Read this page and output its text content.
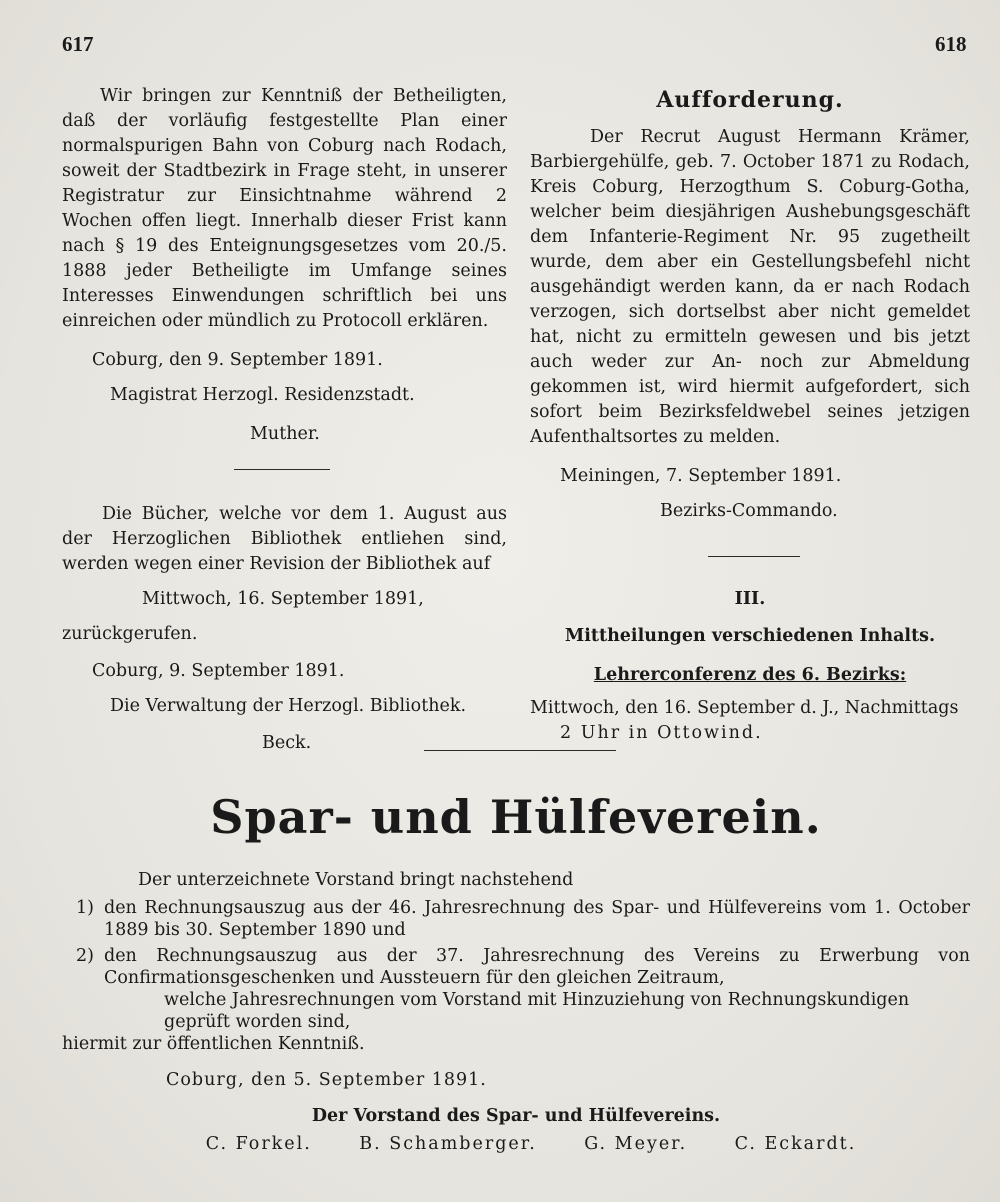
617	618

Wir bringen zur Kenntniß der Betheiligten, daß der vorläufig festgestellte Plan einer normalspurigen Bahn von Coburg nach Rodach, soweit der Stadtbezirk in Frage steht, in unserer Registratur zur Einsichtnahme während 2 Wochen offen liegt. Innerhalb dieser Frist kann nach § 19 des Enteignungsgesetzes vom 20./5. 1888 jeder Betheiligte im Umfange seines Interesses Einwendungen schriftlich bei uns einreichen oder mündlich zu Protocoll erklären.

Coburg, den 9. September 1891.

Magistrat Herzogl. Residenzstadt.

Muther.

Die Bücher, welche vor dem 1. August aus der Herzoglichen Bibliothek entliehen sind, werden wegen einer Revision der Bibliothek auf

Mittwoch, 16. September 1891,

zurückgerufen.

Coburg, 9. September 1891.

Die Verwaltung der Herzogl. Bibliothek.

Beck.

Aufforderung.

Der Recrut August Hermann Krämer, Barbiergehülfe, geb. 7. October 1871 zu Rodach, Kreis Coburg, Herzogthum S. Coburg-Gotha, welcher beim diesjährigen Aushebungsgeschäft dem Infanterie-Regiment Nr. 95 zugetheilt wurde, dem aber ein Gestellungsbefehl nicht ausgehändigt werden kann, da er nach Rodach verzogen, sich dortselbst aber nicht gemeldet hat, nicht zu ermitteln gewesen und bis jetzt auch weder zur An- noch zur Abmeldung gekommen ist, wird hiermit aufgefordert, sich sofort beim Bezirksfeldwebel seines jetzigen Aufenthaltsortes zu melden.

Meiningen, 7. September 1891.

Bezirks-Commando.

III.

Mittheilungen verschiedenen Inhalts.

Lehrerconferenz des 6. Bezirks:

Mittwoch, den 16. September d. J., Nachmittags

2 Uhr in Ottowind.

Spar- und Hülfeverein.

Der unterzeichnete Vorstand bringt nachstehend

1) den Rechnungsauszug aus der 46. Jahresrechnung des Spar- und Hülfevereins vom 1. October 1889 bis 30. September 1890 und
2) den Rechnungsauszug aus der 37. Jahresrechnung des Vereins zu Erwerbung von Confirmationsgeschenken und Aussteuern für den gleichen Zeitraum,

welche Jahresrechnungen vom Vorstand mit Hinzuziehung von Rechnungskundigen geprüft worden sind,

hiermit zur öffentlichen Kenntniß.

Coburg, den 5. September 1891.

Der Vorstand des Spar- und Hülfevereins.

C. Forkel.	B. Schamberger.	G. Meyer.	C. Eckardt.
